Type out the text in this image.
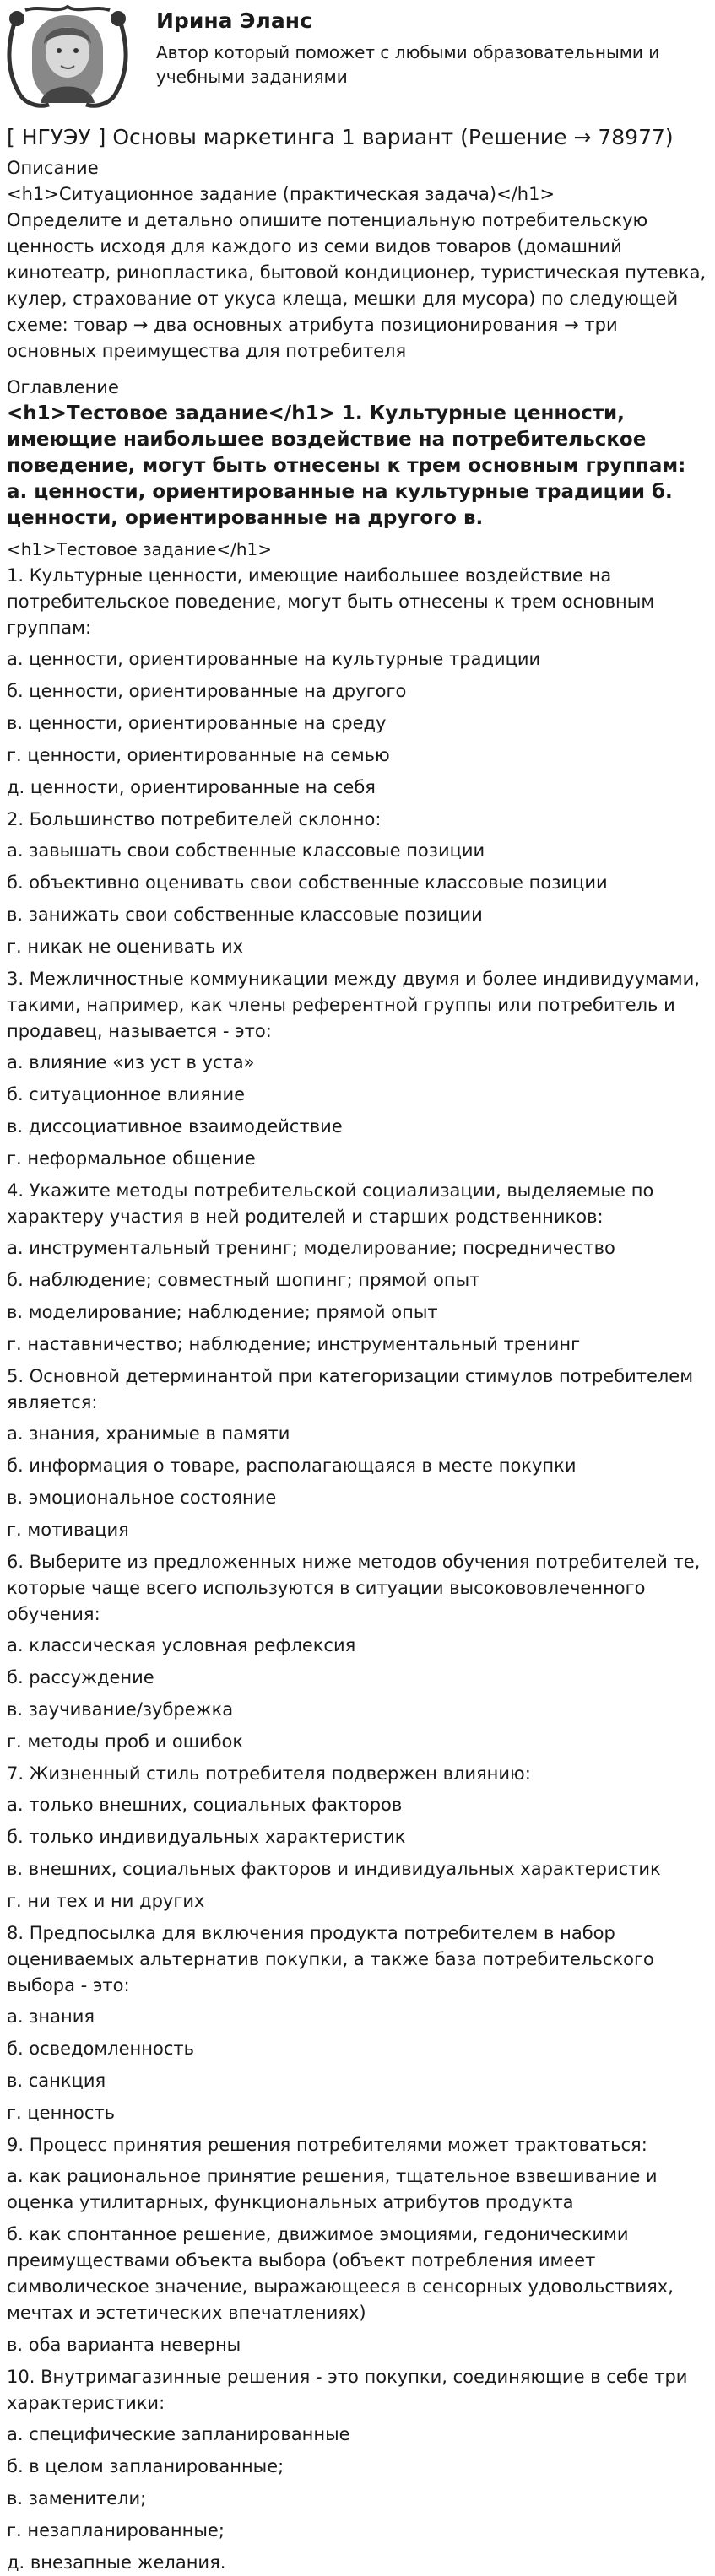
Ирина Эланс
Автор который поможет с любыми образовательными и учебными заданиями
[ НГУЭУ ] Основы маркетинга 1 вариант (Решение → 78977)
Описание
<h1>Ситуационное задание (практическая задача)</h1>
Определите и детально опишите потенциальную потребительскую ценность исходя для каждого из семи видов товаров (домашний кинотеатр, ринопластика, бытовой кондиционер, туристическая путевка, кулер, страхование от укуса клеща, мешки для мусора) по следующей схеме: товар → два основных атрибута позиционирования → три основных преимущества для потребителя
Оглавление
<h1>Тестовое задание</h1> 1. Культурные ценности, имеющие наибольшее воздействие на потребительское поведение, могут быть отнесены к трем основным группам: а. ценности, ориентированные на культурные традиции б. ценности, ориентированные на другого в.
<h1>Тестовое задание</h1>
1. Культурные ценности, имеющие наибольшее воздействие на потребительское поведение, могут быть отнесены к трем основным группам:
а. ценности, ориентированные на культурные традиции
б. ценности, ориентированные на другого
в. ценности, ориентированные на среду
г. ценности, ориентированные на семью
д. ценности, ориентированные на себя
2. Большинство потребителей склонно:
а. завышать свои собственные классовые позиции
б. объективно оценивать свои собственные классовые позиции
в. занижать свои собственные классовые позиции
г. никак не оценивать их
3. Межличностные коммуникации между двумя и более индивидуумами, такими, например, как члены референтной группы или потребитель и продавец, называется - это:
а. влияние «из уст в уста»
б. ситуационное влияние
в. диссоциативное взаимодействие
г. неформальное общение
4. Укажите методы потребительской социализации, выделяемые по характеру участия в ней родителей и старших родственников:
а. инструментальный тренинг; моделирование; посредничество
б. наблюдение; совместный шопинг; прямой опыт
в. моделирование; наблюдение; прямой опыт
г. наставничество; наблюдение; инструментальный тренинг
5. Основной детерминантой при категоризации стимулов потребителем является:
а. знания, хранимые в памяти
б. информация о товаре, располагающаяся в месте покупки
в. эмоциональное состояние
г. мотивация
6. Выберите из предложенных ниже методов обучения потребителей те, которые чаще всего используются в ситуации высокововлеченного обучения:
а. классическая условная рефлексия
б. рассуждение
в. заучивание/зубрежка
г. методы проб и ошибок
7. Жизненный стиль потребителя подвержен влиянию:
а. только внешних, социальных факторов
б. только индивидуальных характеристик
в. внешних, социальных факторов и индивидуальных характеристик
г. ни тех и ни других
8. Предпосылка для включения продукта потребителем в набор оцениваемых альтернатив покупки, а также база потребительского выбора - это:
а. знания
б. осведомленность
в. санкция
г. ценность
9. Процесс принятия решения потребителями может трактоваться:
а. как рациональное принятие решения, тщательное взвешивание и оценка утилитарных, функциональных атрибутов продукта
б. как спонтанное решение, движимое эмоциями, гедоническими преимуществами объекта выбора (объект потребления имеет символическое значение, выражающееся в сенсорных удовольствиях, мечтах и эстетических впечатлениях)
в. оба варианта неверны
10. Внутримагазинные решения - это покупки, соединяющие в себе три характеристики:
а. специфические запланированные
б. в целом запланированные;
в. заменители;
г. незапланированные;
д. внезапные желания.
